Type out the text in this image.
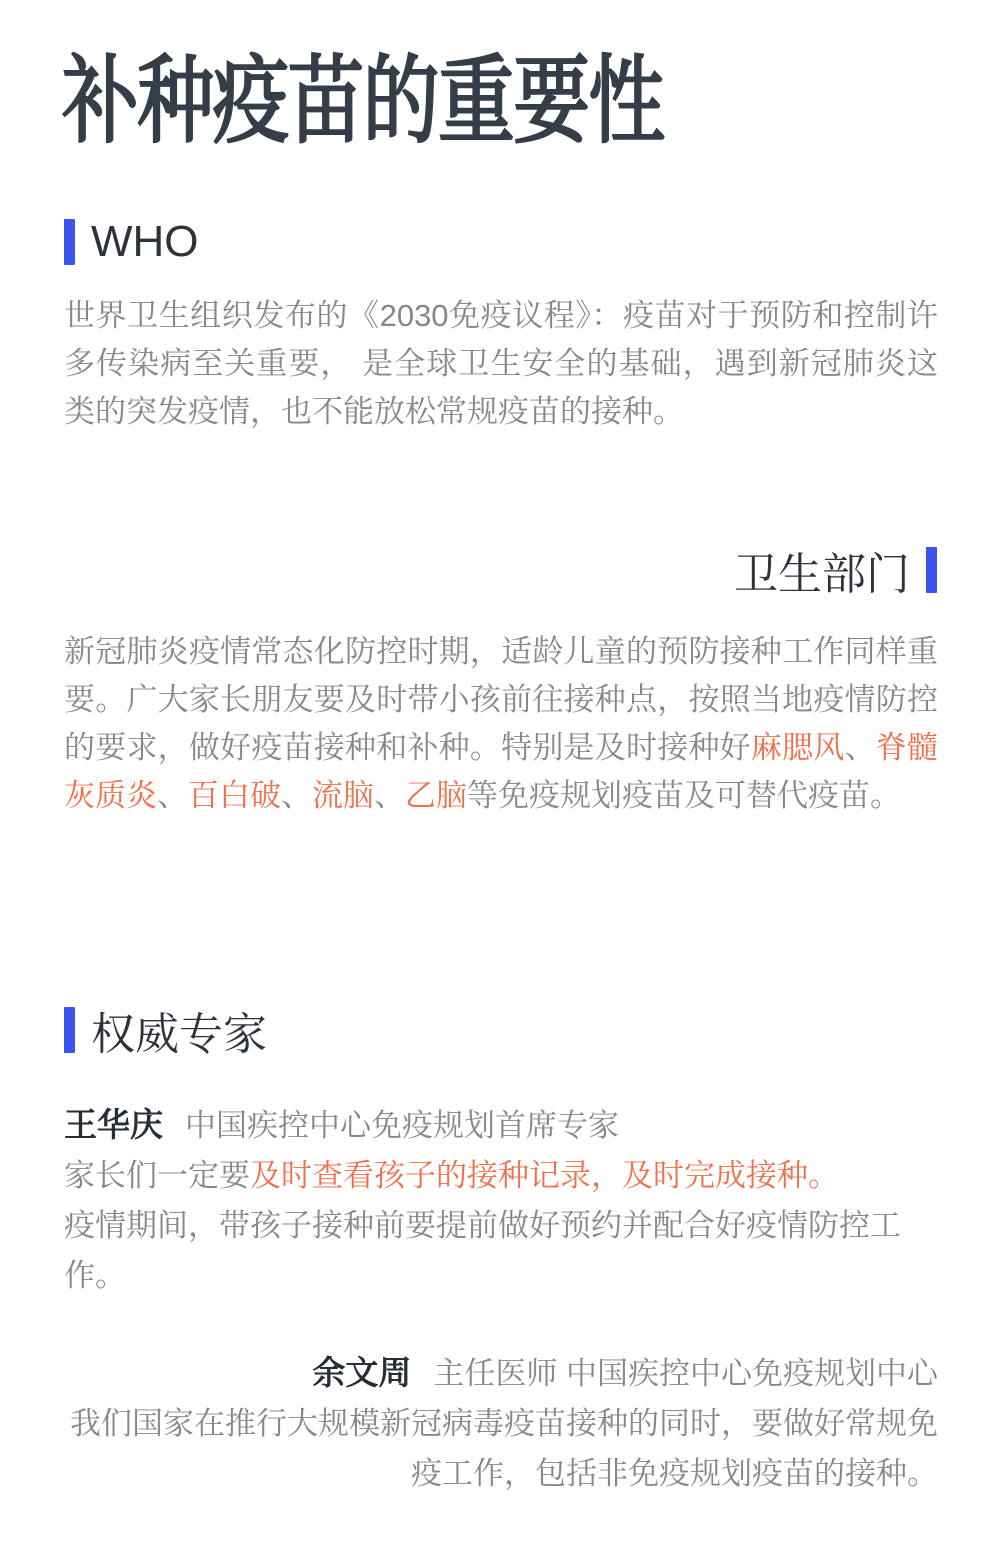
补种疫苗的重要性
WHO
世界卫生组织发布的《2030免疫议程》：疫苗对于预防和控制许多传染病至关重要， 是全球卫生安全的基础，遇到新冠肺炎这类的突发疫情，也不能放松常规疫苗的接种。
卫生部门
新冠肺炎疫情常态化防控时期，适龄儿童的预防接种工作同样重要。广大家长朋友要及时带小孩前往接种点，按照当地疫情防控的要求，做好疫苗接种和补种。特别是及时接种好麻腮风、脊髓灰质炎、百白破、流脑、乙脑等免疫规划疫苗及可替代疫苗。
权威专家
王华庆 中国疾控中心免疫规划首席专家
家长们一定要及时查看孩子的接种记录，及时完成接种。
疫情期间，带孩子接种前要提前做好预约并配合好疫情防控工作。
余文周 主任医师 中国疾控中心免疫规划中心
我们国家在推行大规模新冠病毒疫苗接种的同时，要做好常规免疫工作，包括非免疫规划疫苗的接种。
